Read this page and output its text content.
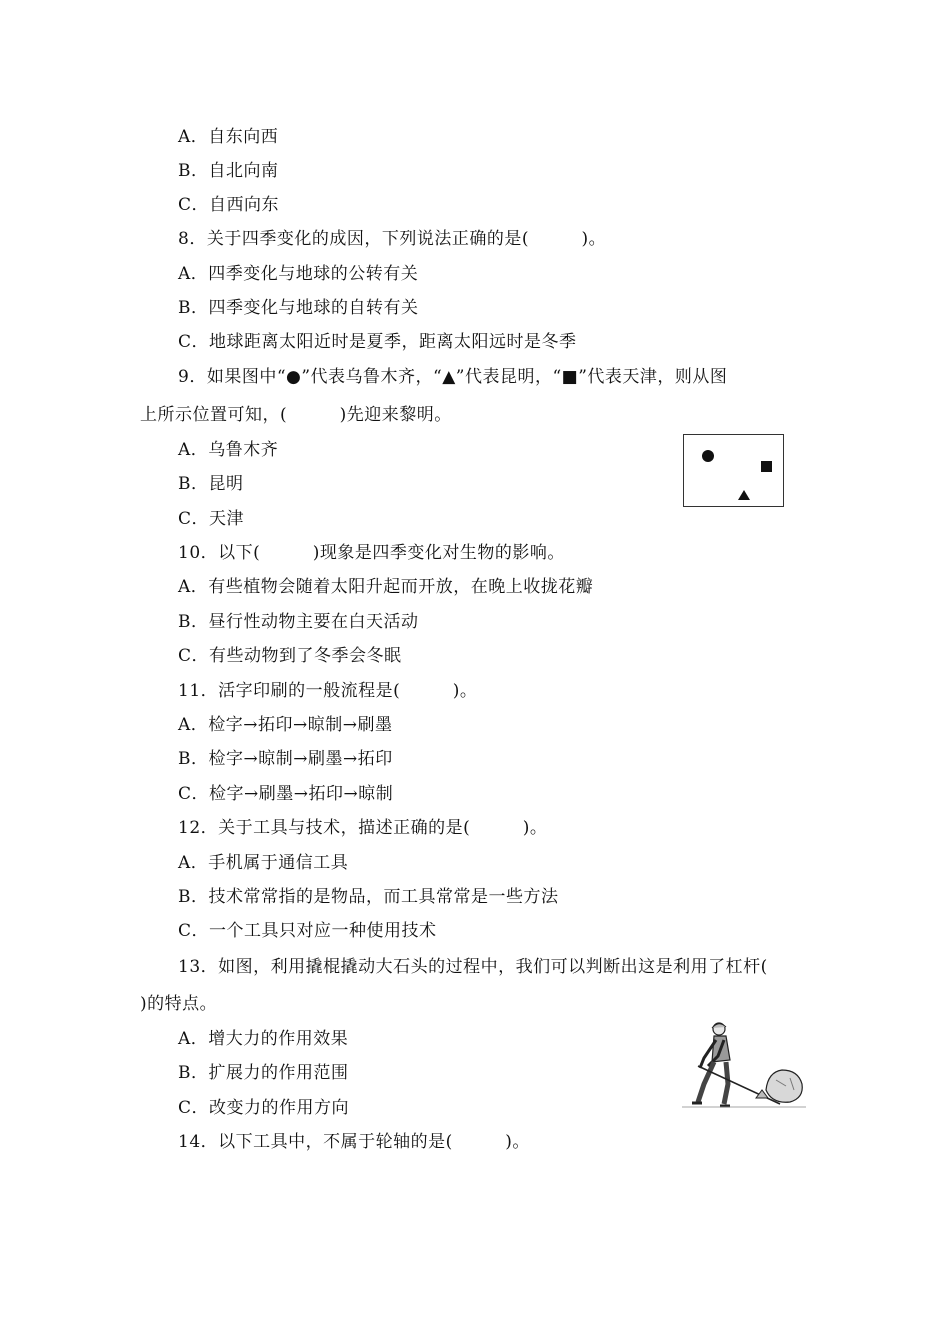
A．自东向西
B．自北向南
C．自西向东
8．关于四季变化的成因，下列说法正确的是(　　　)。
A．四季变化与地球的公转有关
B．四季变化与地球的自转有关
C．地球距离太阳近时是夏季，距离太阳远时是冬季
9．如果图中“●”代表乌鲁木齐，“▲”代表昆明，“■”代表天津，则从图
上所示位置可知，(　　　)先迎来黎明。
A．乌鲁木齐
B．昆明
C．天津
10．以下(　　　)现象是四季变化对生物的影响。
A．有些植物会随着太阳升起而开放，在晚上收拢花瓣
B．昼行性动物主要在白天活动
C．有些动物到了冬季会冬眠
11．活字印刷的一般流程是(　　　)。
A．检字→拓印→晾制→刷墨
B．检字→晾制→刷墨→拓印
C．检字→刷墨→拓印→晾制
12．关于工具与技术，描述正确的是(　　　)。
A．手机属于通信工具
B．技术常常指的是物品，而工具常常是一些方法
C．一个工具只对应一种使用技术
13．如图，利用撬棍撬动大石头的过程中，我们可以判断出这是利用了杠杆(
)的特点。
A．增大力的作用效果
B．扩展力的作用范围
C．改变力的作用方向
14．以下工具中，不属于轮轴的是(　　　)。
